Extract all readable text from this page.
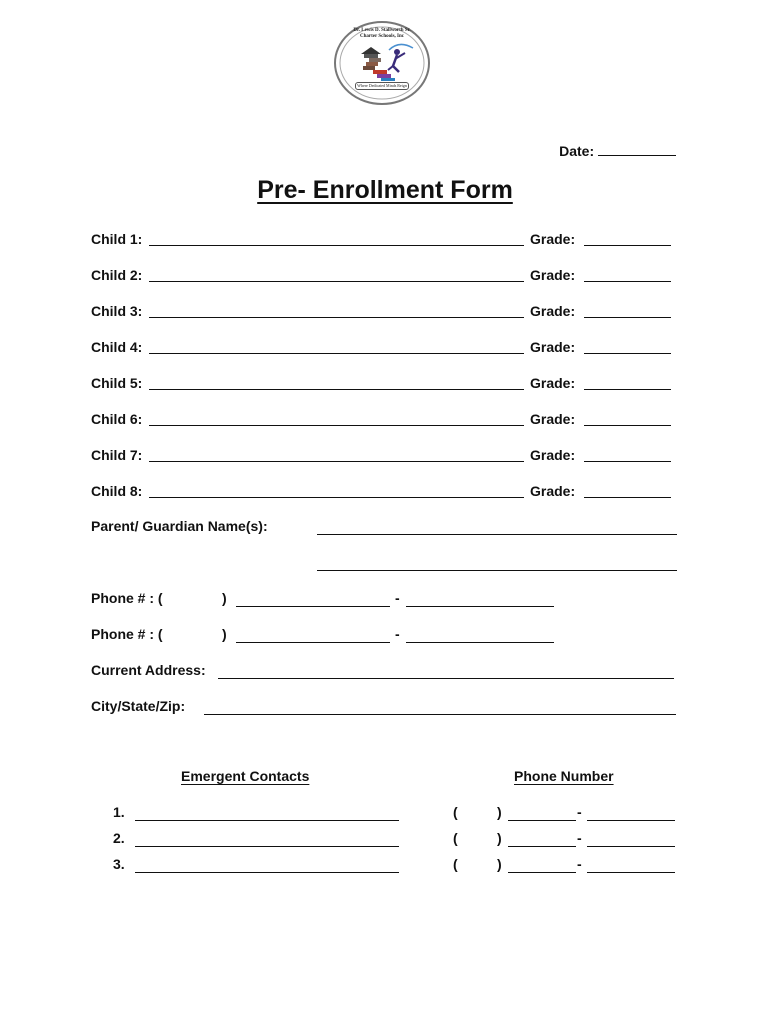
Dr. Lewis D. Stallworth Sr.
Charter Schools, Inc
Where Dedicated Minds Reign
Date:
Pre- Enrollment Form
Child 1:	Grade:
Child 2:	Grade:
Child 3:	Grade:
Child 4:	Grade:
Child 5:	Grade:
Child 6:	Grade:
Child 7:	Grade:
Child 8:	Grade:
Parent/ Guardian Name(s):
Phone # : (	)	-
Phone # : (	)	-
Current Address:
City/State/Zip:
Emergent Contacts	Phone Number
1.	(	)	-
2.	(	)	-
3.	(	)	-
